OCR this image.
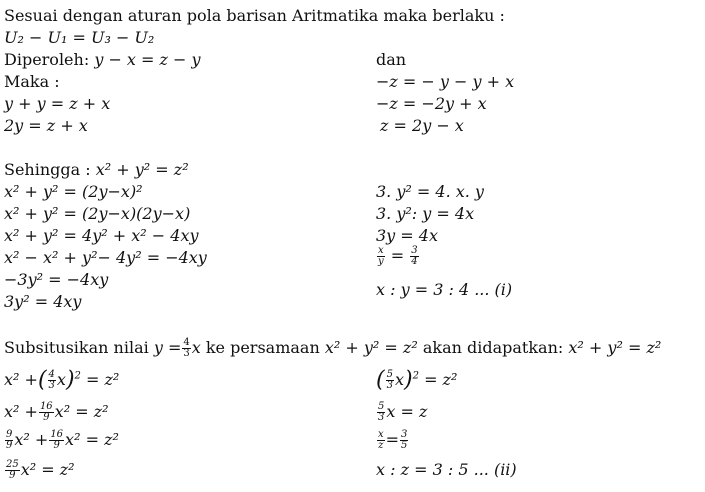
Sesuai dengan aturan pola barisan Aritmatika maka berlaku :
U₂ − U₁ = U₃ − U₂
Diperoleh: y − x = z − y	dan
Maka :	−z = − y − y + x
y + y = z + x	−z = −2y + x
2y = z + x	z = 2y − x
Sehingga : x² + y² = z²
x² + y² = (2y−x)²
x² + y² = (2y−x)(2y−x)
x² + y² = 4y² + x² − 4xy
x² − x² + y²− 4y² = −4xy
−3y² = −4xy
3y² = 4xy
3. y² = 4. x. y
3. y²: y = 4x
3y = 4x
$\frac{x}{y} = \frac{3}{4}$
x : y = 3 : 4 ... (i)
Subsitusikan nilai $y = \frac{4}{3}$ x ke persamaan x² + y² = z² akan didapatkan: x² + y² = z²
x² +( $\frac{4}{3} x)^2 = z^2$
$x^2 + \frac{16}{9} x^2 = z^2$
$\frac{9}{9} x^2 + \frac{16}{9} x^2 = z^2$
$\frac{25}{9} x^2 = z^2$
( $\frac{5}{3} x)^2 = z^2$
$\frac{5}{3}$ x = z
$\frac{x}{z} = \frac{3}{5}$
x : z = 3 : 5 ... (ii)
